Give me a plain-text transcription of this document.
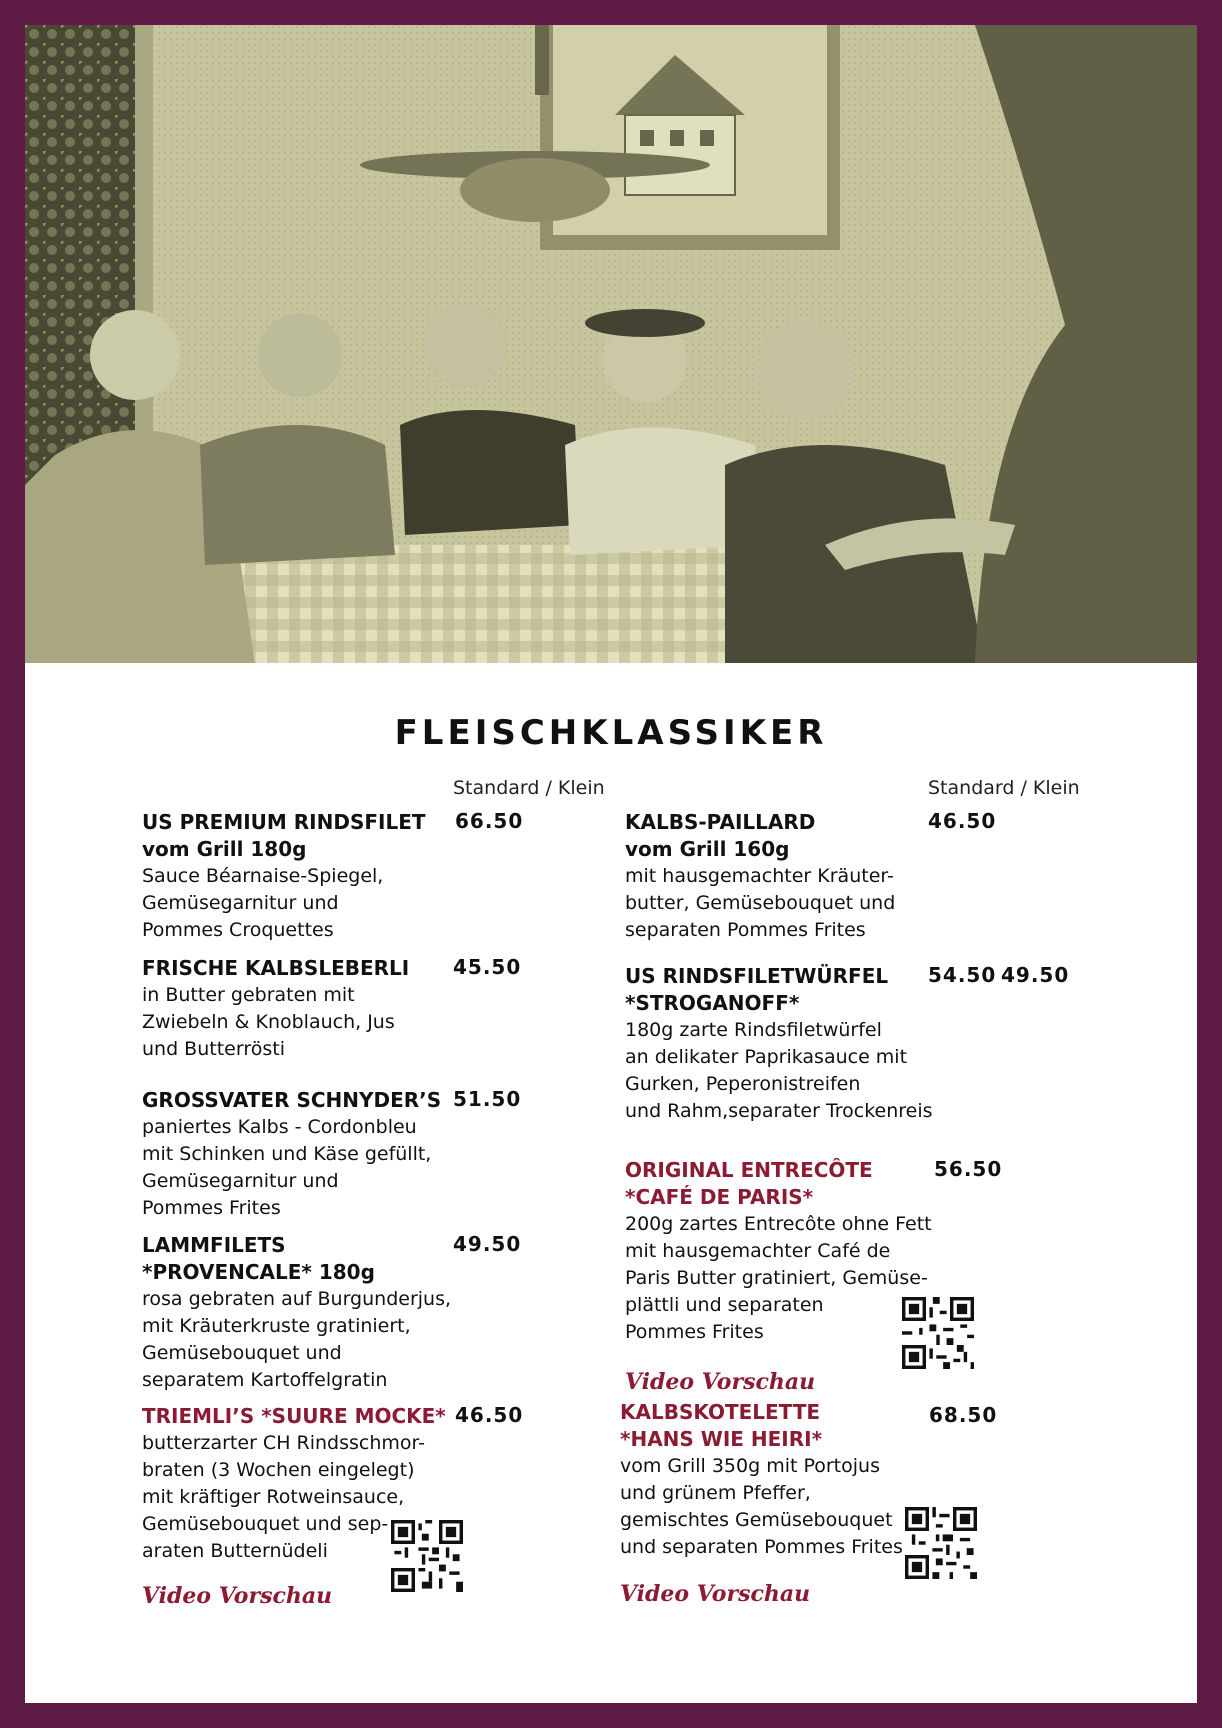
FLEISCHKLASSIKER
Standard / Klein	Standard / Klein
US PREMIUM RINDSFILET
vom Grill 180g
Sauce Béarnaise-Spiegel,
Gemüsegarnitur und
Pommes Croquettes
66.50
FRISCHE KALBSLEBERLI
in Butter gebraten mit
Zwiebeln & Knoblauch, Jus
und Butterrösti
45.50
GROSSVATER SCHNYDER’S
paniertes Kalbs - Cordonbleu
mit Schinken und Käse gefüllt,
Gemüsegarnitur und
Pommes Frites
51.50
LAMMFILETS
*PROVENCALE* 180g
rosa gebraten auf Burgunderjus,
mit Kräuterkruste gratiniert,
Gemüsebouquet und
separatem Kartoffelgratin
49.50
TRIEMLI’S *SUURE MOCKE*
butterzarter CH Rindsschmor-
braten (3 Wochen eingelegt)
mit kräftiger Rotweinsauce,
Gemüsebouquet und sep-
araten Butternüdeli
46.50
Video Vorschau
KALBS-PAILLARD
vom Grill 160g
mit hausgemachter Kräuter-
butter, Gemüsebouquet und
separaten Pommes Frites
46.50
US RINDSFILETWÜRFEL
*STROGANOFF*
180g zarte Rindsfiletwürfel
an delikater Paprikasauce mit
Gurken, Peperonistreifen
und Rahm,separater Trockenreis
54.50 49.50
ORIGINAL ENTRECÔTE
*CAFÉ DE PARIS*
200g zartes Entrecôte ohne Fett
mit hausgemachter Café de
Paris Butter gratiniert, Gemüse-
plättli und separaten
Pommes Frites
56.50
Video Vorschau
KALBSKOTELETTE
*HANS WIE HEIRI*
vom Grill 350g mit Portojus
und grünem Pfeffer,
gemischtes Gemüsebouquet
und separaten Pommes Frites
68.50
Video Vorschau
